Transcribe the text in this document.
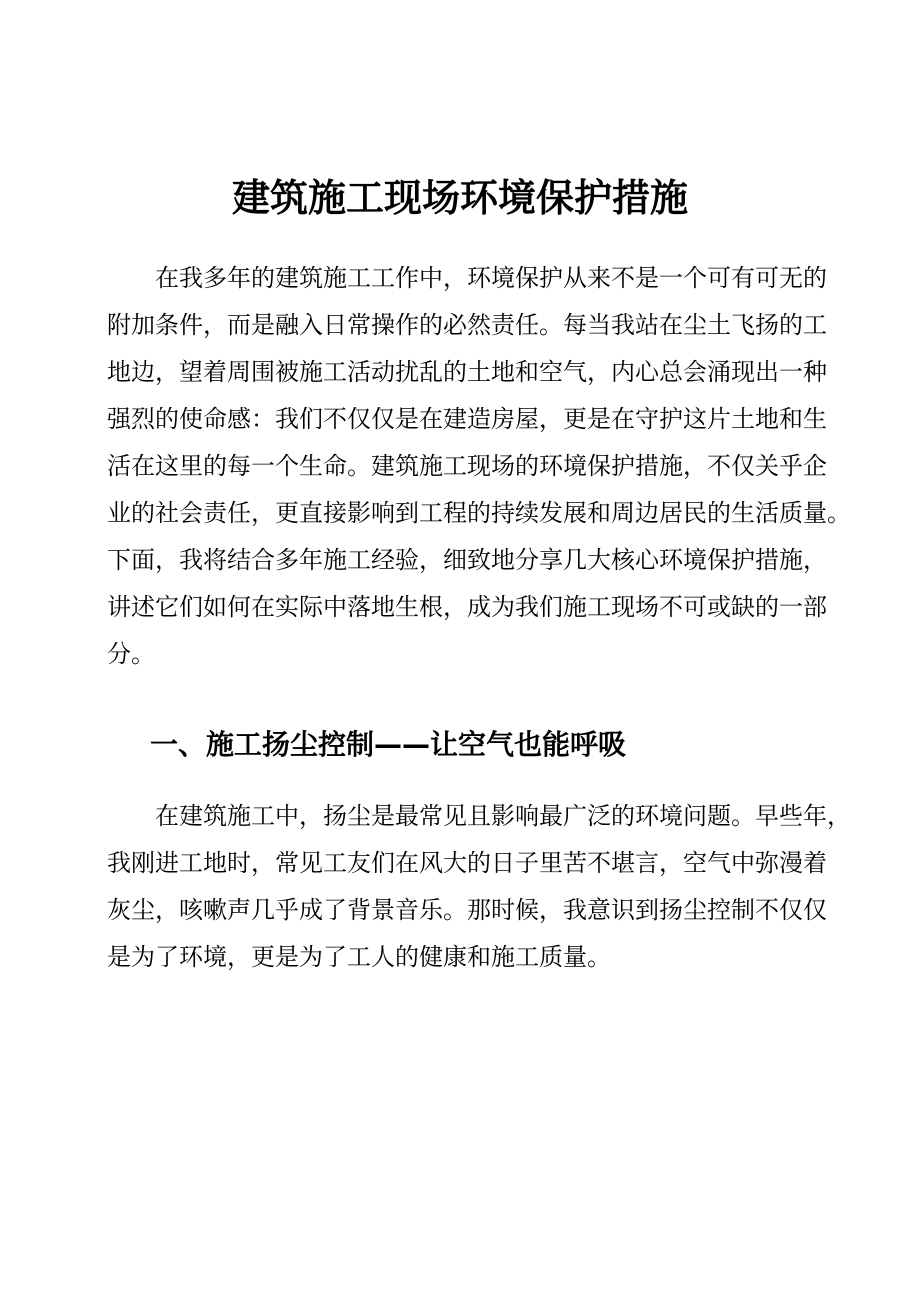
建筑施工现场环境保护措施
在我多年的建筑施工工作中，环境保护从来不是一个可有可无的
附加条件，而是融入日常操作的必然责任。每当我站在尘土飞扬的工
地边，望着周围被施工活动扰乱的土地和空气，内心总会涌现出一种
强烈的使命感：我们不仅仅是在建造房屋，更是在守护这片土地和生
活在这里的每一个生命。建筑施工现场的环境保护措施，不仅关乎企
业的社会责任，更直接影响到工程的持续发展和周边居民的生活质量。
下面，我将结合多年施工经验，细致地分享几大核心环境保护措施，
讲述它们如何在实际中落地生根，成为我们施工现场不可或缺的一部
分。
一、施工扬尘控制——让空气也能呼吸
在建筑施工中，扬尘是最常见且影响最广泛的环境问题。早些年，
我刚进工地时，常见工友们在风大的日子里苦不堪言，空气中弥漫着
灰尘，咳嗽声几乎成了背景音乐。那时候，我意识到扬尘控制不仅仅
是为了环境，更是为了工人的健康和施工质量。
